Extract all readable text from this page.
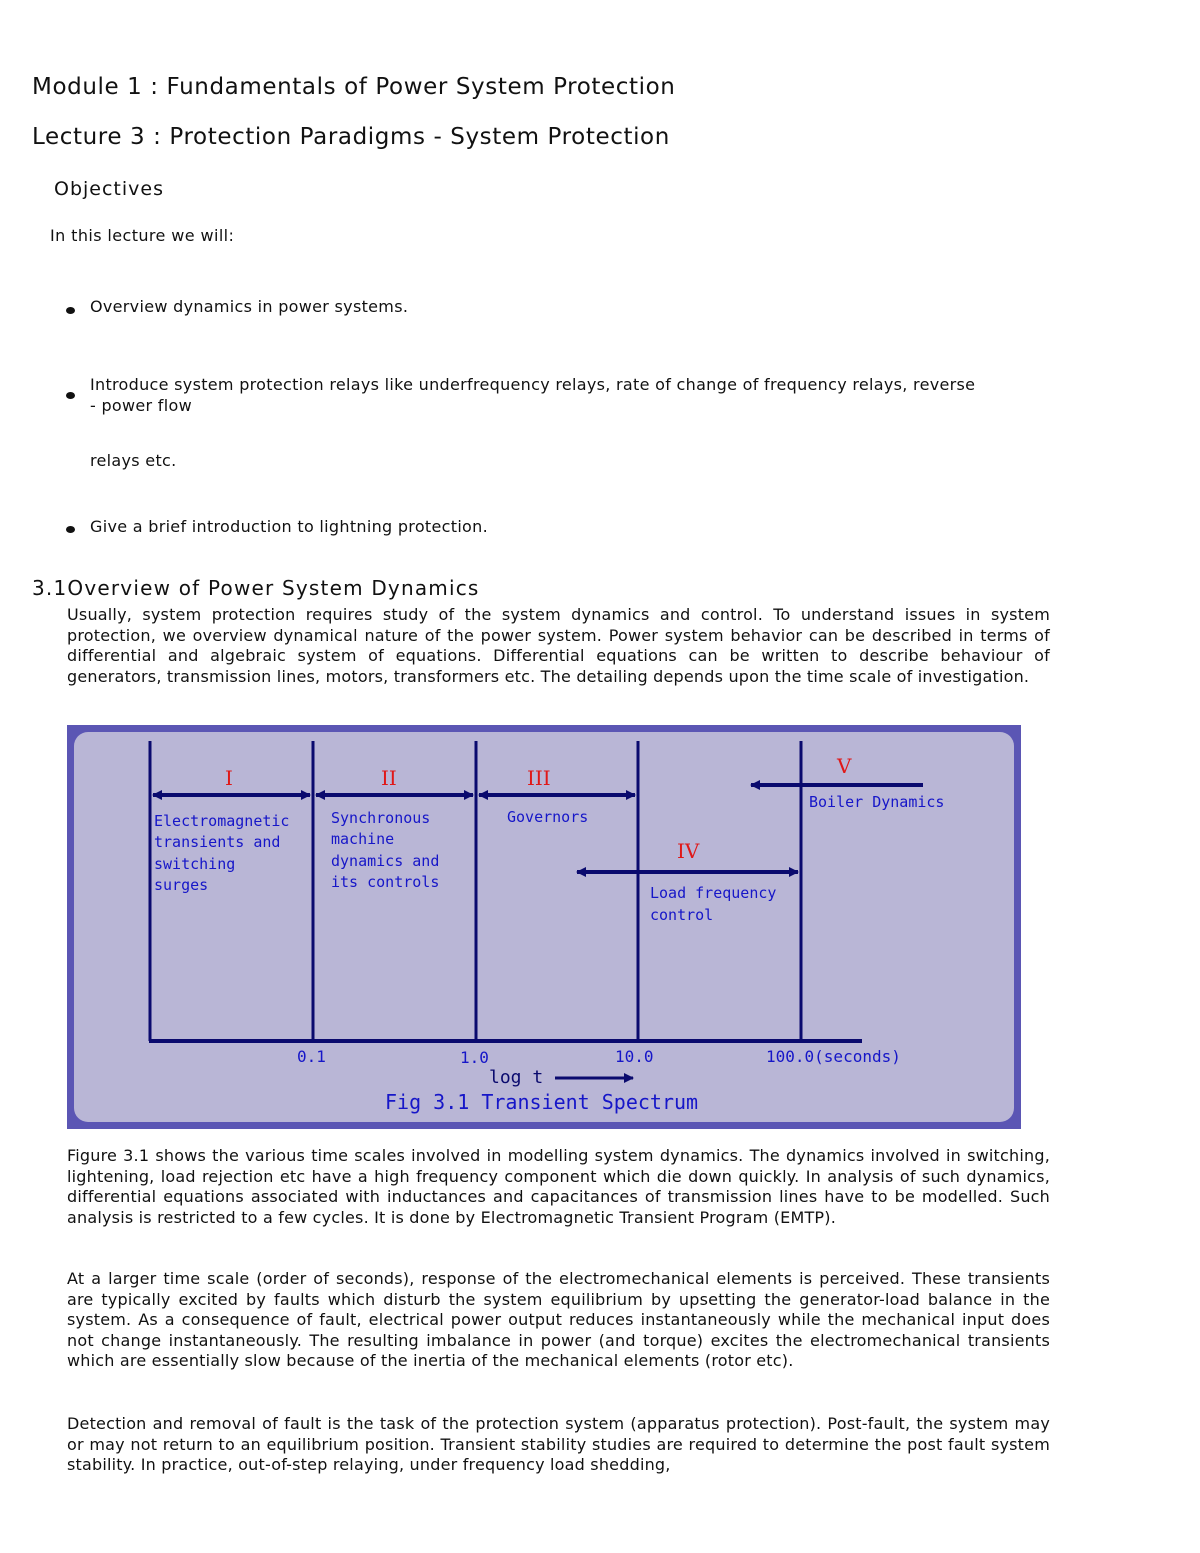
Module 1 : Fundamentals of Power System Protection
Lecture 3 : Protection Paradigms - System Protection
Objectives
In this lecture we will:
Overview dynamics in power systems.
Introduce system protection relays like underfrequency relays, rate of change of frequency relays, reverse
- power flow
relays etc.
Give a brief introduction to lightning protection.
3.1Overview of Power System Dynamics

Usually, system protection requires study of the system dynamics and control. To understand issues in system protection, we overview dynamical nature of the power system. Power system behavior can be described in terms of differential and algebraic system of equations. Differential equations can be written to describe behaviour of generators, transmission lines, motors, transformers etc. The detailing depends upon the time scale of investigation.

I	II	III
IV
V
Electromagnetic
transients and
switching
surges
Synchronous
machine
dynamics and
its controls
Governors
Load frequency
control
Boiler Dynamics
0.1	1.0	10.0	100.0(seconds)
log t
Fig 3.1 Transient Spectrum

Figure 3.1 shows the various time scales involved in modelling system dynamics. The dynamics involved in switching, lightening, load rejection etc have a high frequency component which die down quickly. In analysis of such dynamics, differential equations associated with inductances and capacitances of transmission lines have to be modelled. Such analysis is restricted to a few cycles. It is done by Electromagnetic Transient Program (EMTP).

At a larger time scale (order of seconds), response of the electromechanical elements is perceived. These transients are typically excited by faults which disturb the system equilibrium by upsetting the generator-load balance in the system. As a consequence of fault, electrical power output reduces instantaneously while the mechanical input does not change instantaneously. The resulting imbalance in power (and torque) excites the electromechanical transients which are essentially slow because of the inertia of the mechanical elements (rotor etc).

Detection and removal of fault is the task of the protection system (apparatus protection). Post-fault, the system may or may not return to an equilibrium position. Transient stability studies are required to determine the post fault system stability. In practice, out-of-step relaying, under frequency load shedding,
